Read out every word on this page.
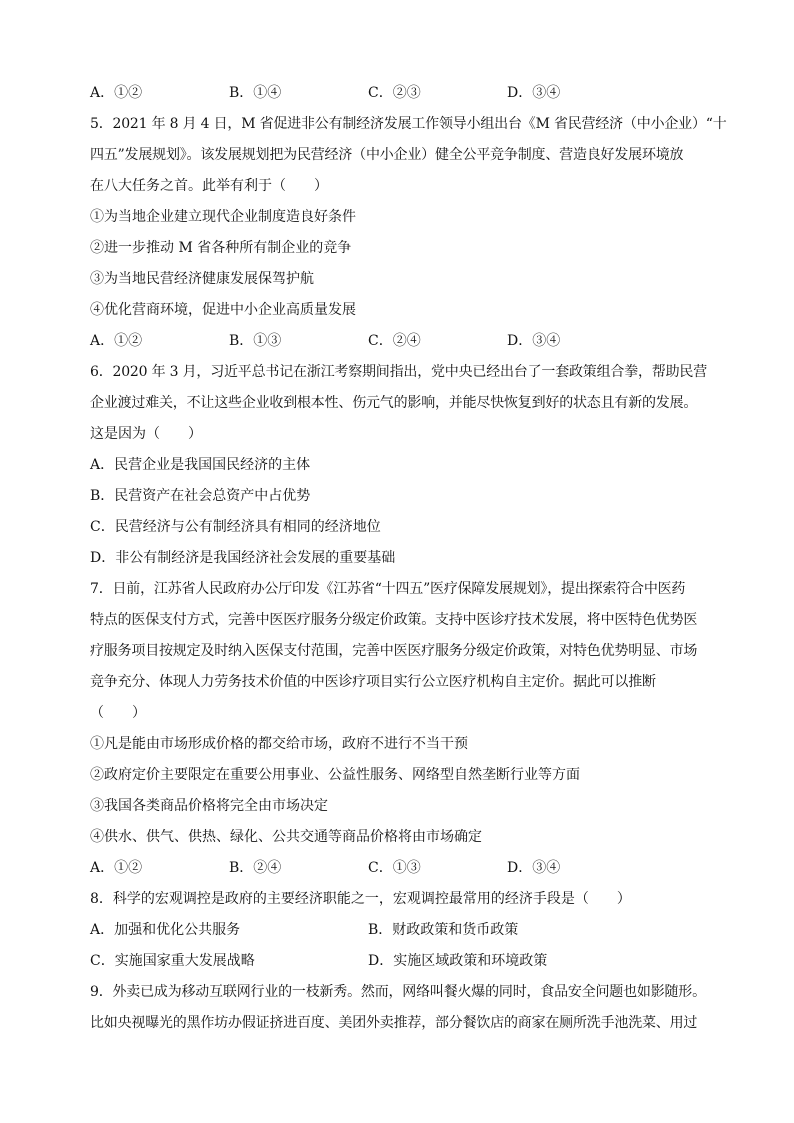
A．①②	B．①④	C．②③	D．③④
5．2021 年 8 月 4 日，M 省促进非公有制经济发展工作领导小组出台《M 省民营经济（中小企业）“十
四五”发展规划》。该发展规划把为民营经济（中小企业）健全公平竞争制度、营造良好发展环境放
在八大任务之首。此举有利于（　　）
①为当地企业建立现代企业制度造良好条件
②进一步推动 M 省各种所有制企业的竞争
③为当地民营经济健康发展保驾护航
④优化营商环境，促进中小企业高质量发展
A．①②	B．①③	C．②④	D．③④
6．2020 年 3 月，习近平总书记在浙江考察期间指出，党中央已经出台了一套政策组合拳，帮助民营
企业渡过难关，不让这些企业收到根本性、伤元气的影响，并能尽快恢复到好的状态且有新的发展。
这是因为（　　）
A．民营企业是我国国民经济的主体
B．民营资产在社会总资产中占优势
C．民营经济与公有制经济具有相同的经济地位
D．非公有制经济是我国经济社会发展的重要基础
7．日前，江苏省人民政府办公厅印发《江苏省“十四五”医疗保障发展规划》，提出探索符合中医药
特点的医保支付方式，完善中医医疗服务分级定价政策。支持中医诊疗技术发展，将中医特色优势医
疗服务项目按规定及时纳入医保支付范围，完善中医医疗服务分级定价政策，对特色优势明显、市场
竞争充分、体现人力劳务技术价值的中医诊疗项目实行公立医疗机构自主定价。据此可以推断
（　　）
①凡是能由市场形成价格的都交给市场，政府不进行不当干预
②政府定价主要限定在重要公用事业、公益性服务、网络型自然垄断行业等方面
③我国各类商品价格将完全由市场决定
④供水、供气、供热、绿化、公共交通等商品价格将由市场确定
A．①②	B．②④	C．①③	D．③④
8．科学的宏观调控是政府的主要经济职能之一，宏观调控最常用的经济手段是（　　）
A．加强和优化公共服务	B．财政政策和货币政策
C．实施国家重大发展战略	D．实施区域政策和环境政策
9．外卖已成为移动互联网行业的一枝新秀。然而，网络叫餐火爆的同时，食品安全问题也如影随形。
比如央视曝光的黑作坊办假证挤进百度、美团外卖推荐，部分餐饮店的商家在厕所洗手池洗菜、用过
